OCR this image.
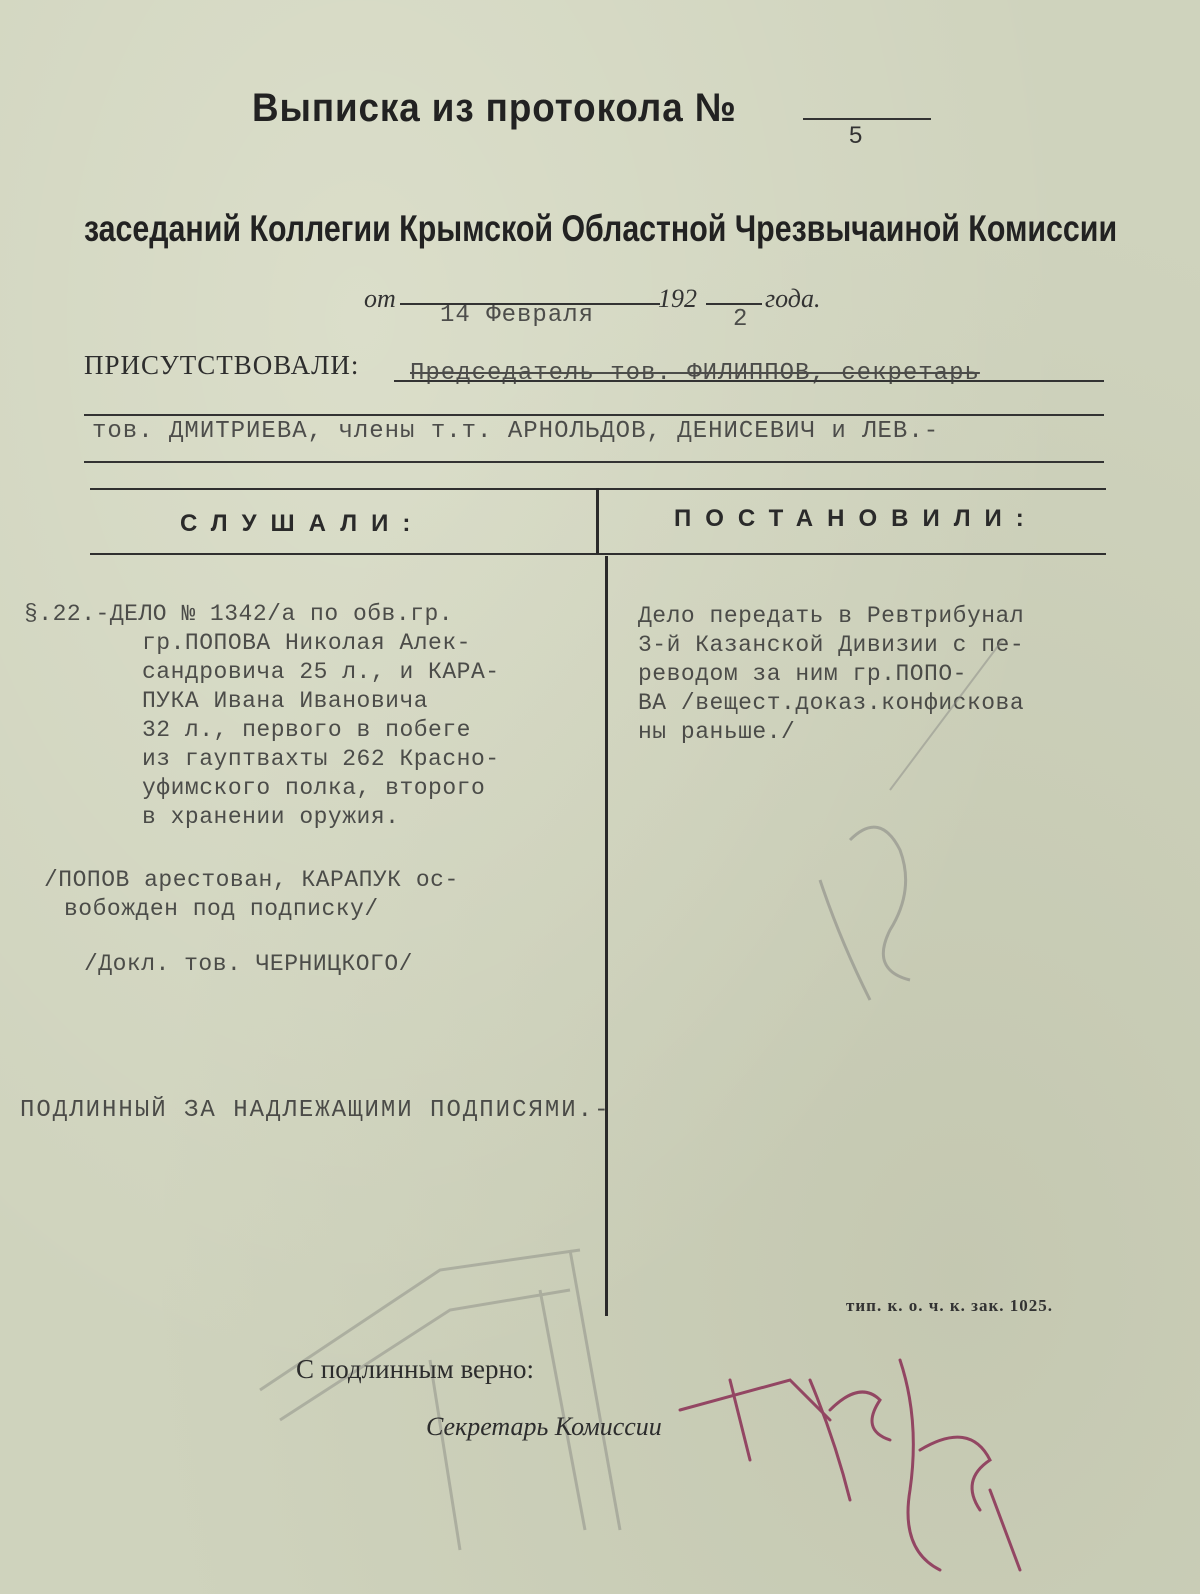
Выписка из протокола №
5
заседаний Коллегии Крымской Областной Чрезвычаиной Комиссии
от
14 Февраля
192
2
года.
ПРИСУТСТВОВАЛИ: Председатель тов. ФИЛИППОВ, секретарь
тов. ДМИТРИЕВА, члены т.т. АРНОЛЬДОВ, ДЕНИСЕВИЧ и ЛЕВ.-
СЛУШАЛИ:	ПОСТАНОВИЛИ:
§.22.-ДЕЛО № 1342/а по обв.гр.
гр.ПОПОВА Николая Алек-
сандровича 25 л., и КАРА-
ПУКА Ивана Ивановича
32 л., первого в побеге
из гауптвахты 262 Красно-
уфимского полка, второго
в хранении оружия.
/ПОПОВ арестован, КАРАПУК ос-
вобожден под подписку/
/Докл. тов. ЧЕРНИЦКОГО/
Дело передать в Ревтрибунал
3-й Казанской Дивизии с пе-
реводом за ним гр.ПОПО-
ВА /вещест.доказ.конфискова
ны раньше./
ПОДЛИННЫЙ ЗА НАДЛЕЖАЩИМИ ПОДПИСЯМИ.-
тип. к. о. ч. к. зак. 1025.
С подлинным верно:
Секретарь Комиссии
